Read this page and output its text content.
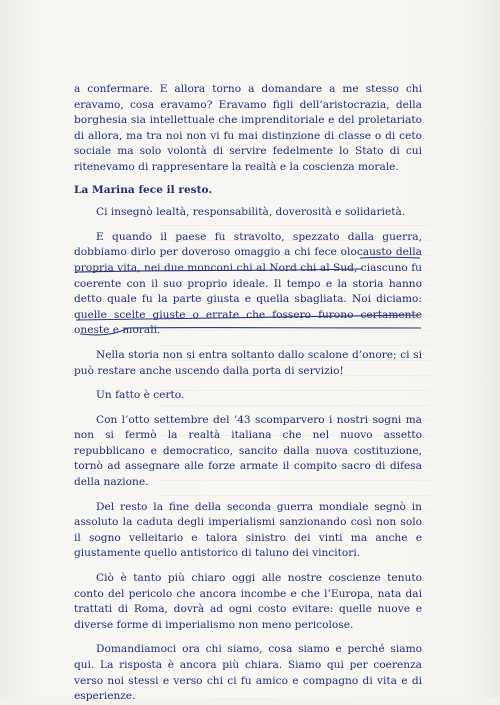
a confermare. E allora torno a domandare a me stesso chi eravamo, cosa eravamo? Eravamo figli dell’aristocrazia, della borghesia sia intellettuale che imprenditoriale e del proletariato di allora, ma tra noi non vi fu mai distinzione di classe o di ceto sociale ma solo volontà di servire fedelmente lo Stato di cui ritenevamo di rappresentare la realtà e la coscienza morale.

La Marina fece il resto.

Ci insegnò lealtà, responsabilità, doverosità e solidarietà.

E quando il paese fu stravolto, spezzato dalla guerra, dobbiamo dirlo per doveroso omaggio a chi fece olocausto della propria vita, nei due monconi chi al Nord chi al Sud, ciascuno fu coerente con il suo proprio ideale. Il tempo e la storia hanno detto quale fu la parte giusta e quella sbagliata. Noi diciamo: quelle scelte giuste o errate che fossero furono certamente oneste e morali.

Nella storia non si entra soltanto dallo scalone d’onore; ci si può restare anche uscendo dalla porta di servizio!

Un fatto è certo.

Con l’otto settembre del ’43 scomparvero i nostri sogni ma non si fermò la realtà italiana che nel nuovo assetto repubblicano e democratico, sancito dalla nuova costituzione, tornò ad assegnare alle forze armate il compito sacro di difesa della nazione.

Del resto la fine della seconda guerra mondiale segnò in assoluto la caduta degli imperialismi sanzionando così non solo il sogno velleitario e talora sinistro dei vinti ma anche e giustamente quello antistorico di taluno dei vincitori.

Ciò è tanto più chiaro oggi alle nostre coscienze tenuto conto del pericolo che ancora incombe e che l’Europa, nata dai trattati di Roma, dovrà ad ogni costo evitare: quelle nuove e diverse forme di imperialismo non meno pericolose.

Domandiamoci ora chi siamo, cosa siamo e perché siamo qui. La risposta è ancora più chiara. Siamo qui per coerenza verso noi stessi e verso chi ci fu amico e compagno di vita e di esperienze.
